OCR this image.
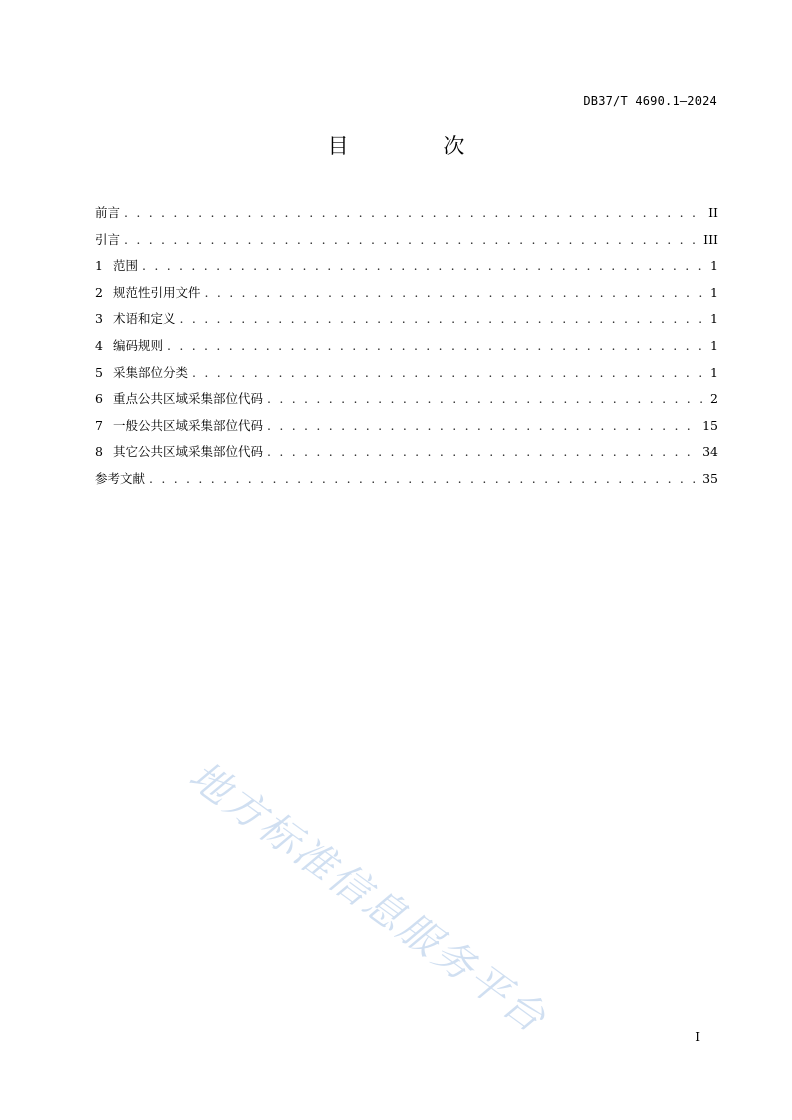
DB37/T 4690.1—2024
目 次
前言 . . .	II
引言 . . .	III
1 范围 . . .	1
2 规范性引用文件 . . .	1
3 术语和定义 . . .	1
4 编码规则 . . .	1
5 采集部位分类 . . .	1
6 重点公共区域采集部位代码 . . .	2
7 一般公共区域采集部位代码 . . .	15
8 其它公共区域采集部位代码 . . .	34
参考文献 . . .	35
地方标准信息服务平台	I
